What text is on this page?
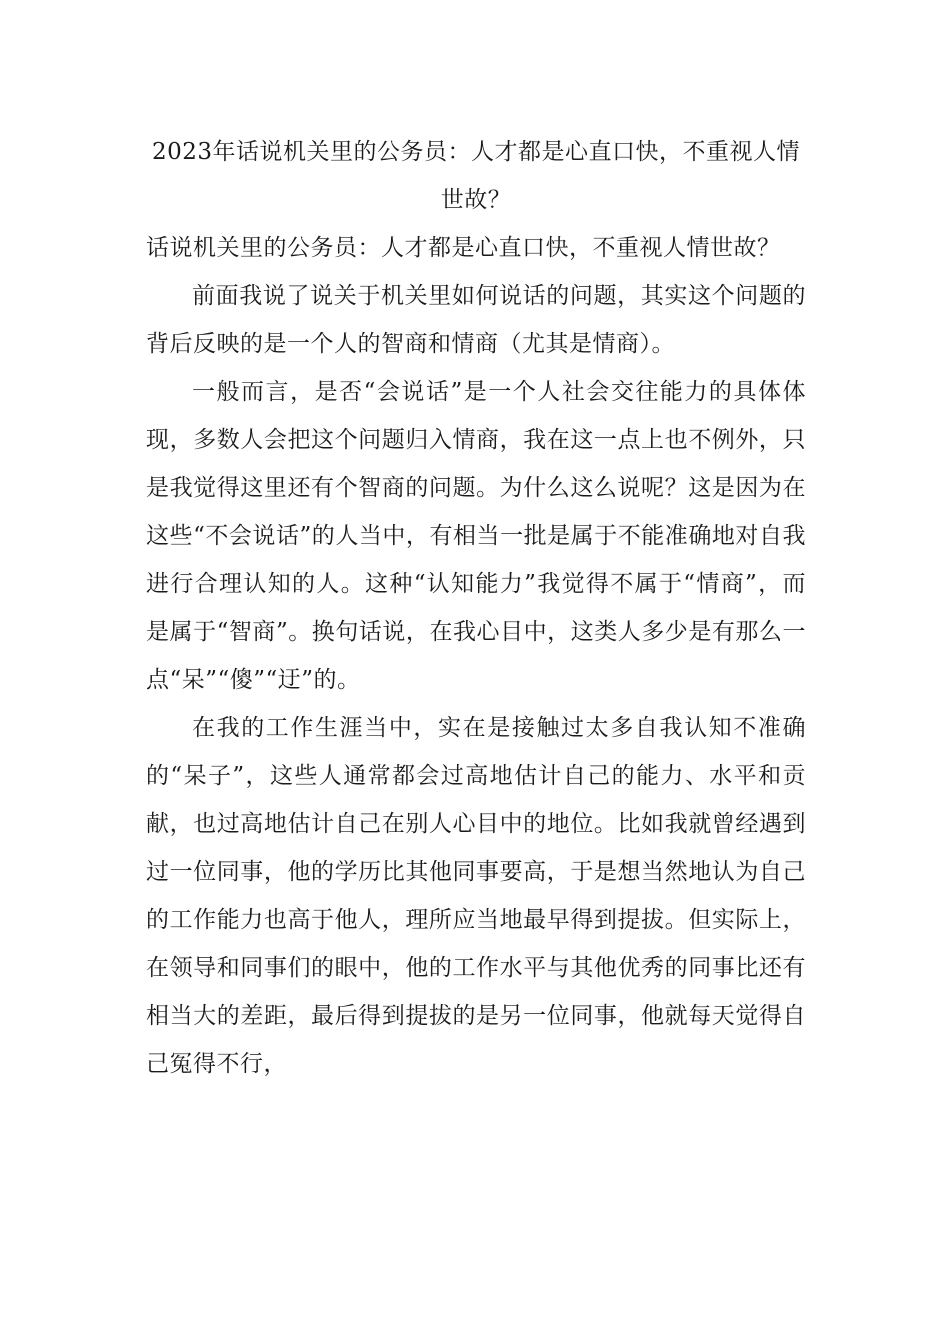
2023年话说机关里的公务员：人才都是心直口快，不重视人情世故？

话说机关里的公务员：人才都是心直口快，不重视人情世故？

前面我说了说关于机关里如何说话的问题，其实这个问题的背后反映的是一个人的智商和情商（尤其是情商）。

一般而言，是否“会说话”是一个人社会交往能力的具体体现，多数人会把这个问题归入情商，我在这一点上也不例外，只是我觉得这里还有个智商的问题。为什么这么说呢？这是因为在这些“不会说话”的人当中，有相当一批是属于不能准确地对自我进行合理认知的人。这种“认知能力”我觉得不属于“情商”，而是属于“智商”。换句话说，在我心目中，这类人多少是有那么一点“呆”“傻”“迂”的。

在我的工作生涯当中，实在是接触过太多自我认知不准确的“呆子”，这些人通常都会过高地估计自己的能力、水平和贡献，也过高地估计自己在别人心目中的地位。比如我就曾经遇到过一位同事，他的学历比其他同事要高，于是想当然地认为自己的工作能力也高于他人，理所应当地最早得到提拔。但实际上，在领导和同事们的眼中，他的工作水平与其他优秀的同事比还有相当大的差距，最后得到提拔的是另一位同事，他就每天觉得自己冤得不行，
